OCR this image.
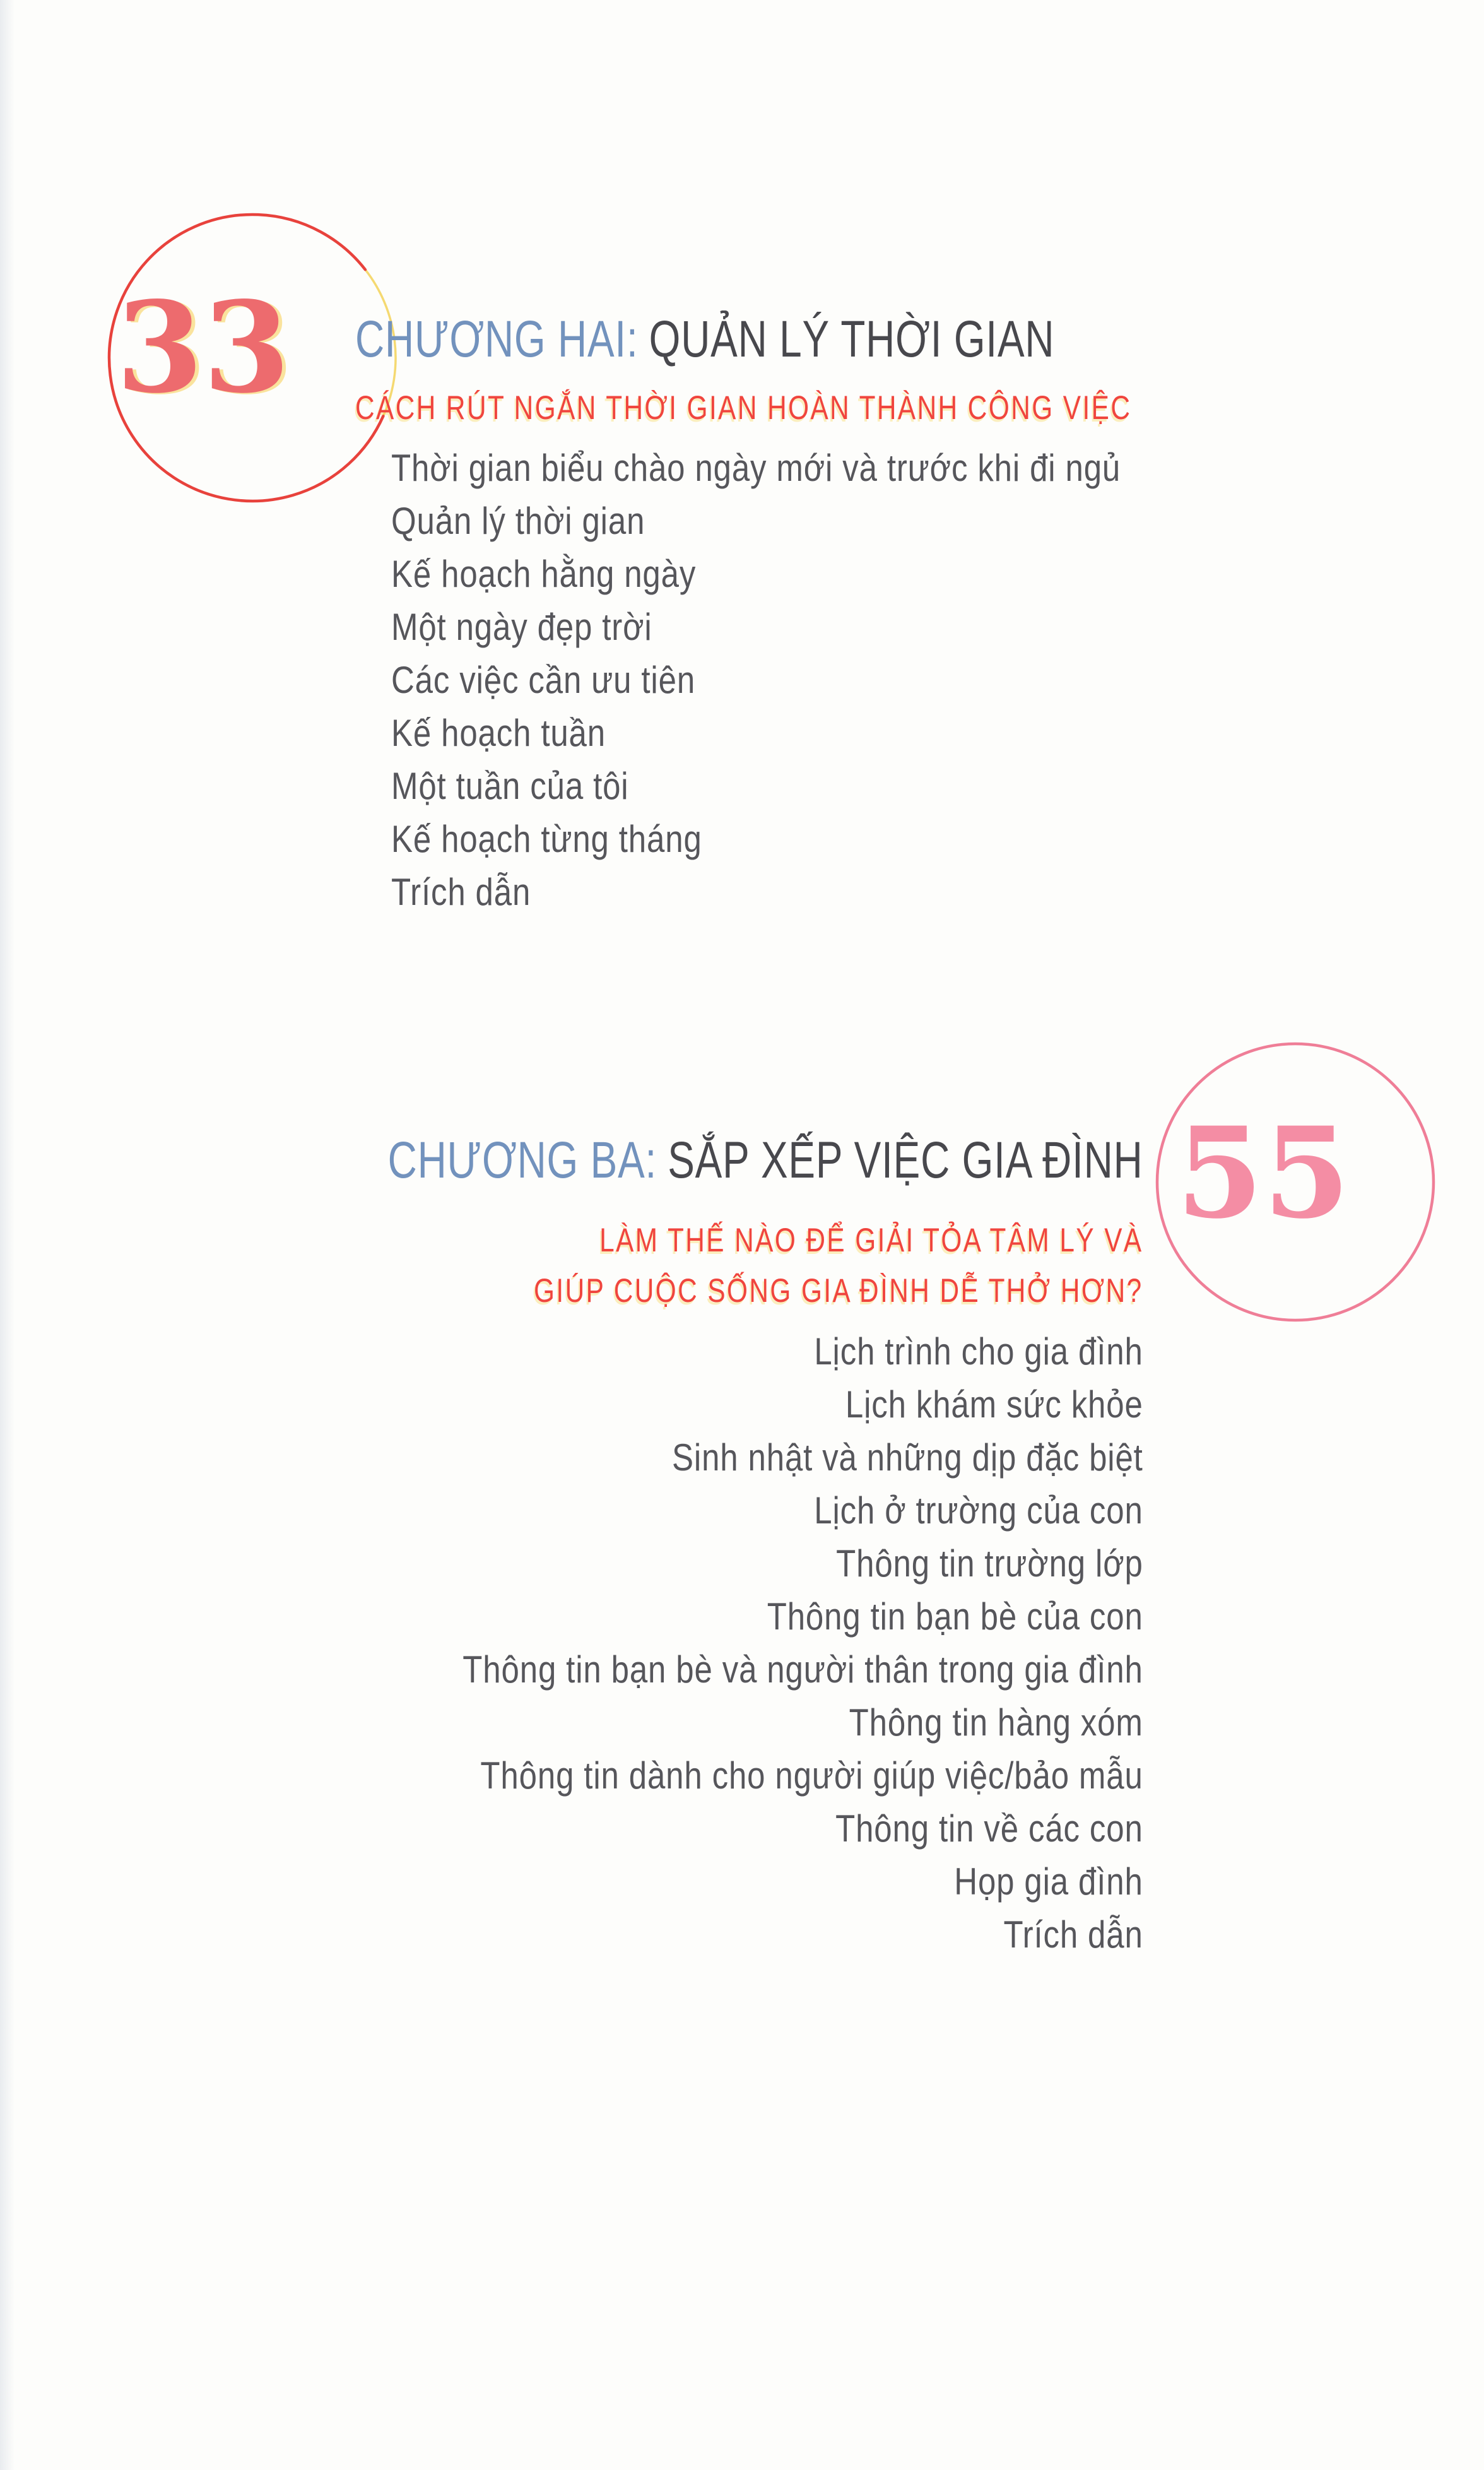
33 CHƯƠNG HAI: QUẢN LÝ THỜI GIAN
CÁCH RÚT NGẮN THỜI GIAN HOÀN THÀNH CÔNG VIỆC
Thời gian biểu chào ngày mới và trước khi đi ngủ
Quản lý thời gian
Kế hoạch hằng ngày
Một ngày đẹp trời
Các việc cần ưu tiên
Kế hoạch tuần
Một tuần của tôi
Kế hoạch từng tháng
Trích dẫn
55
CHƯƠNG BA: SẮP XẾP VIỆC GIA ĐÌNH
LÀM THẾ NÀO ĐỂ GIẢI TỎA TÂM LÝ VÀ
GIÚP CUỘC SỐNG GIA ĐÌNH DỄ THỞ HƠN?
Lịch trình cho gia đình
Lịch khám sức khỏe
Sinh nhật và những dịp đặc biệt
Lịch ở trường của con
Thông tin trường lớp
Thông tin bạn bè của con
Thông tin bạn bè và người thân trong gia đình
Thông tin hàng xóm
Thông tin dành cho người giúp việc/bảo mẫu
Thông tin về các con
Họp gia đình
Trích dẫn
